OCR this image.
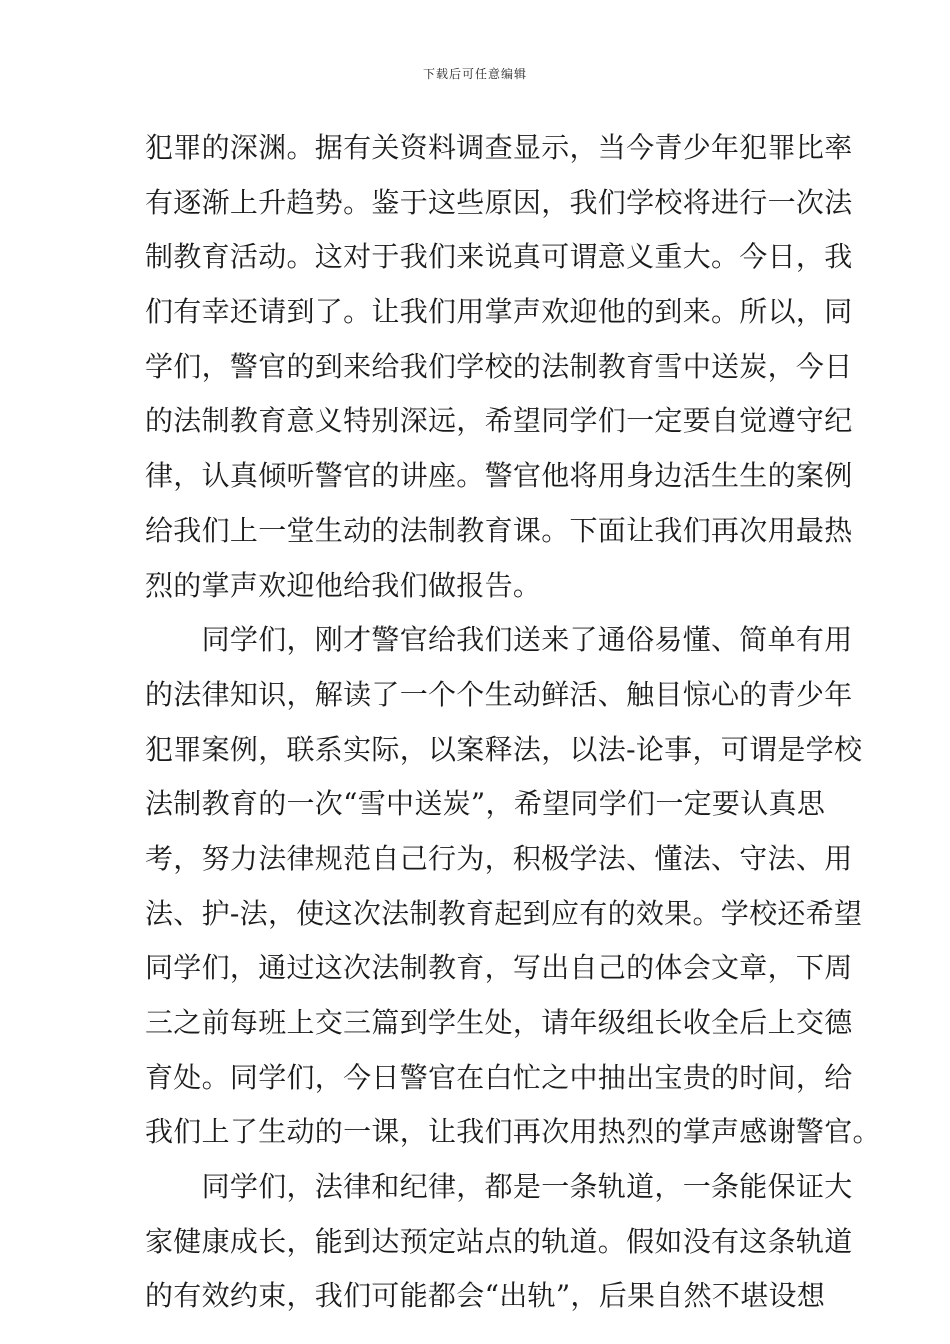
下载后可任意编辑
犯罪的深渊。据有关资料调查显示，当今青少年犯罪比率
有逐渐上升趋势。鉴于这些原因，我们学校将进行一次法
制教育活动。这对于我们来说真可谓意义重大。今日，我
们有幸还请到了。让我们用掌声欢迎他的到来。所以，同
学们，警官的到来给我们学校的法制教育雪中送炭，今日
的法制教育意义特别深远，希望同学们一定要自觉遵守纪
律，认真倾听警官的讲座。警官他将用身边活生生的案例
给我们上一堂生动的法制教育课。下面让我们再次用最热
烈的掌声欢迎他给我们做报告。
　　同学们，刚才警官给我们送来了通俗易懂、简单有用
的法律知识，解读了一个个生动鲜活、触目惊心的青少年
犯罪案例，联系实际，以案释法，以法-论事，可谓是学校
法制教育的一次“雪中送炭”，希望同学们一定要认真思
考，努力法律规范自己行为，积极学法、懂法、守法、用
法、护-法，使这次法制教育起到应有的效果。学校还希望
同学们，通过这次法制教育，写出自己的体会文章，下周
三之前每班上交三篇到学生处，请年级组长收全后上交德
育处。同学们，今日警官在白忙之中抽出宝贵的时间，给
我们上了生动的一课，让我们再次用热烈的掌声感谢警官。
　　同学们，法律和纪律，都是一条轨道，一条能保证大
家健康成长，能到达预定站点的轨道。假如没有这条轨道
的有效约束，我们可能都会“出轨”，后果自然不堪设想
